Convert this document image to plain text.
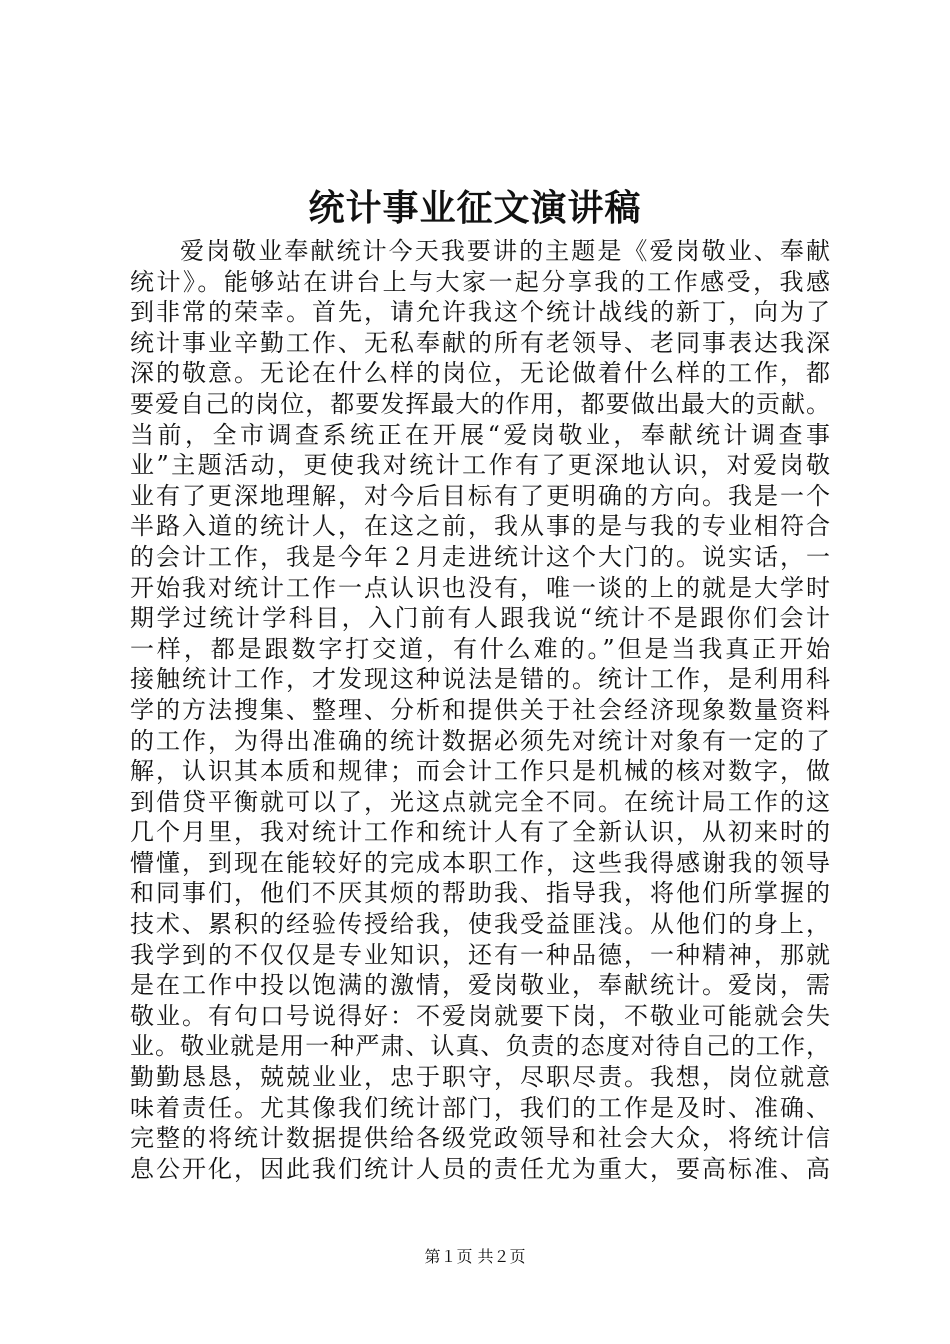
统计事业征文演讲稿
爱岗敬业奉献统计今天我要讲的主题是《爱岗敬业、奉献
统计》。能够站在讲台上与大家一起分享我的工作感受，我感
到非常的荣幸。首先，请允许我这个统计战线的新丁，向为了
统计事业辛勤工作、无私奉献的所有老领导、老同事表达我深
深的敬意。无论在什么样的岗位，无论做着什么样的工作，都
要爱自己的岗位，都要发挥最大的作用，都要做出最大的贡献。
当前，全市调查系统正在开展“爱岗敬业，奉献统计调查事
业”主题活动，更使我对统计工作有了更深地认识，对爱岗敬
业有了更深地理解，对今后目标有了更明确的方向。我是一个
半路入道的统计人，在这之前，我从事的是与我的专业相符合
的会计工作，我是今年２月走进统计这个大门的。说实话，一
开始我对统计工作一点认识也没有，唯一谈的上的就是大学时
期学过统计学科目，入门前有人跟我说“统计不是跟你们会计
一样，都是跟数字打交道，有什么难的。”但是当我真正开始
接触统计工作，才发现这种说法是错的。统计工作，是利用科
学的方法搜集、整理、分析和提供关于社会经济现象数量资料
的工作，为得出准确的统计数据必须先对统计对象有一定的了
解，认识其本质和规律；而会计工作只是机械的核对数字，做
到借贷平衡就可以了，光这点就完全不同。在统计局工作的这
几个月里，我对统计工作和统计人有了全新认识，从初来时的
懵懂，到现在能较好的完成本职工作，这些我得感谢我的领导
和同事们，他们不厌其烦的帮助我、指导我，将他们所掌握的
技术、累积的经验传授给我，使我受益匪浅。从他们的身上，
我学到的不仅仅是专业知识，还有一种品德，一种精神，那就
是在工作中投以饱满的激情，爱岗敬业，奉献统计。爱岗，需
敬业。有句口号说得好：不爱岗就要下岗，不敬业可能就会失
业。敬业就是用一种严肃、认真、负责的态度对待自己的工作，
勤勤恳恳，兢兢业业，忠于职守，尽职尽责。我想，岗位就意
味着责任。尤其像我们统计部门，我们的工作是及时、准确、
完整的将统计数据提供给各级党政领导和社会大众，将统计信
息公开化，因此我们统计人员的责任尤为重大，要高标准、高
第１页 共２页
